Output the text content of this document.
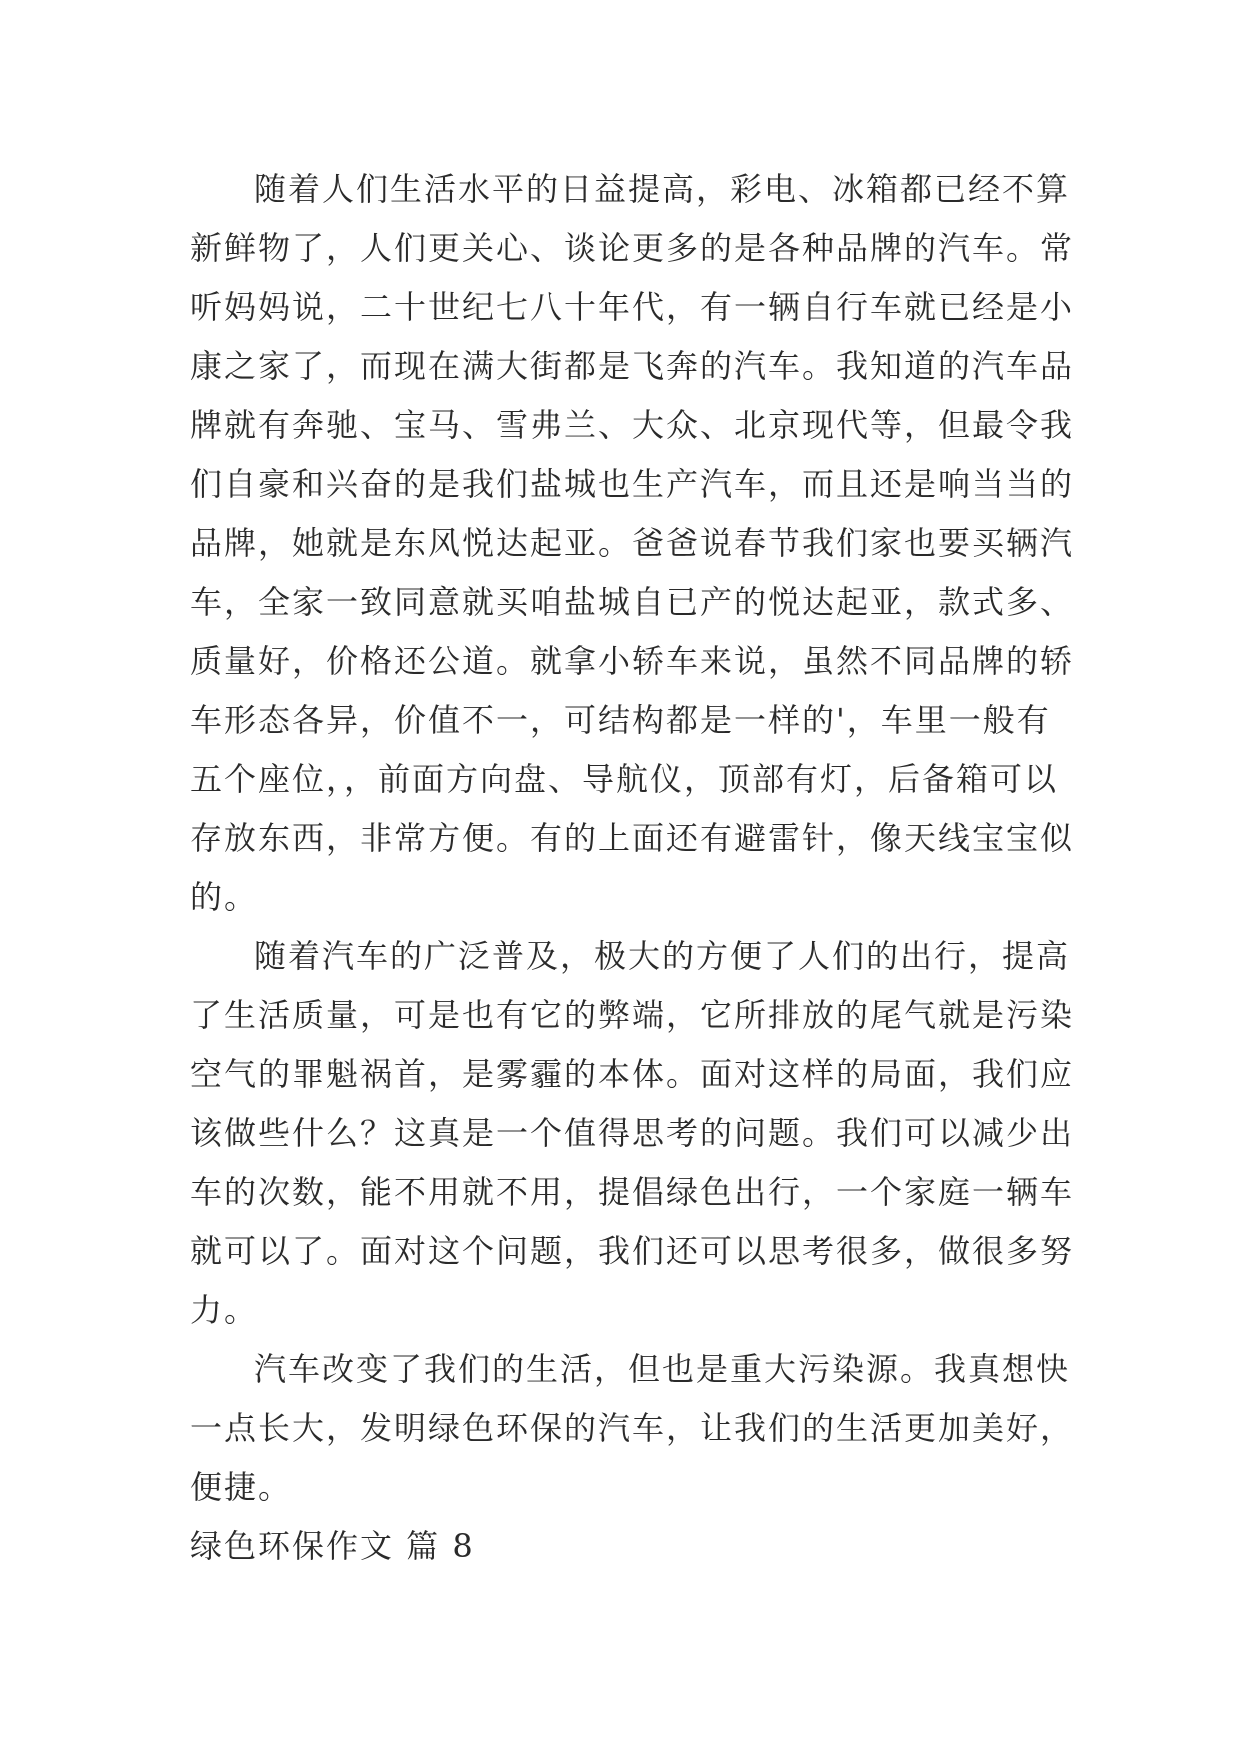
随着人们生活水平的日益提高，彩电、冰箱都已经不算
新鲜物了，人们更关心、谈论更多的是各种品牌的汽车。常
听妈妈说，二十世纪七八十年代，有一辆自行车就已经是小
康之家了，而现在满大街都是飞奔的汽车。我知道的汽车品
牌就有奔驰、宝马、雪弗兰、大众、北京现代等，但最令我
们自豪和兴奋的是我们盐城也生产汽车，而且还是响当当的
品牌，她就是东风悦达起亚。爸爸说春节我们家也要买辆汽
车，全家一致同意就买咱盐城自已产的悦达起亚，款式多、
质量好，价格还公道。就拿小轿车来说，虽然不同品牌的轿
车形态各异，价值不一，可结构都是一样的'，车里一般有
五个座位，，前面方向盘、导航仪，顶部有灯，后备箱可以
存放东西，非常方便。有的上面还有避雷针，像天线宝宝似
的。
随着汽车的广泛普及，极大的方便了人们的出行，提高
了生活质量，可是也有它的弊端，它所排放的尾气就是污染
空气的罪魁祸首，是雾霾的本体。面对这样的局面，我们应
该做些什么？这真是一个值得思考的问题。我们可以减少出
车的次数，能不用就不用，提倡绿色出行，一个家庭一辆车
就可以了。面对这个问题，我们还可以思考很多，做很多努
力。
汽车改变了我们的生活，但也是重大污染源。我真想快
一点长大，发明绿色环保的汽车，让我们的生活更加美好，
便捷。
绿色环保作文 篇 8
